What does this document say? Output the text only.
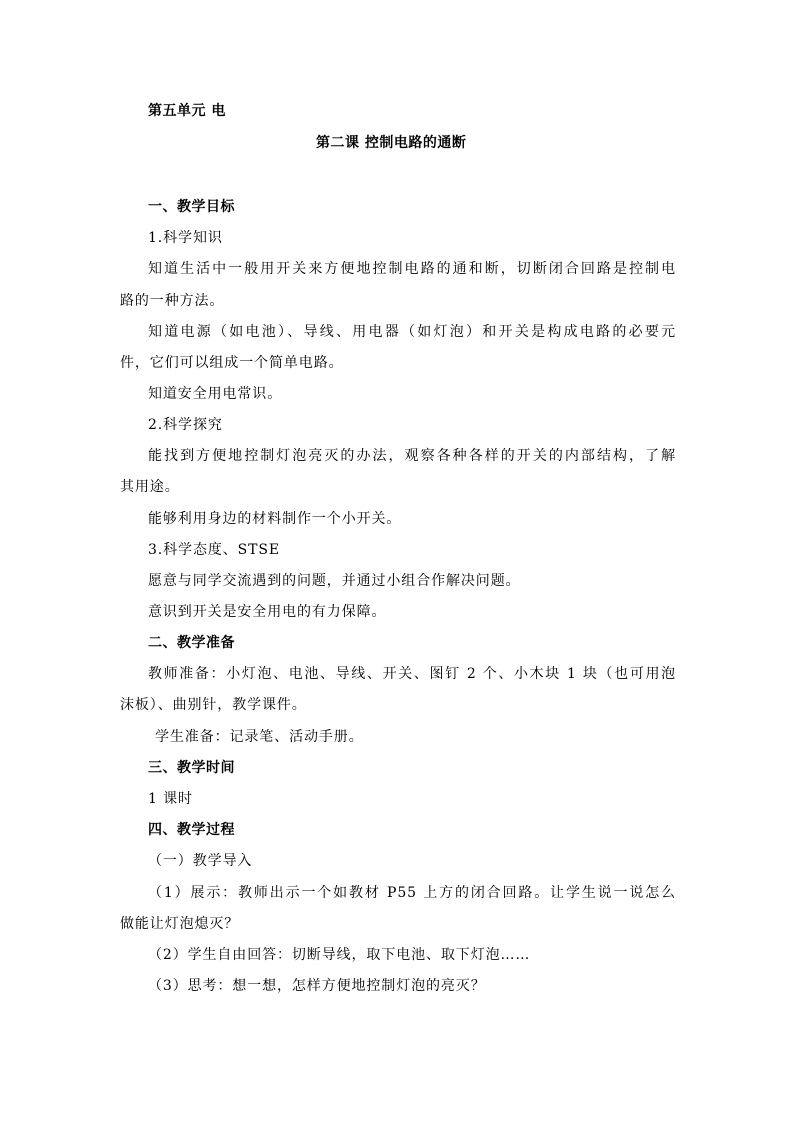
第五单元 电
第二课 控制电路的通断
一、教学目标
1.科学知识
知道生活中一般用开关来方便地控制电路的通和断，切断闭合回路是控制电
路的一种方法。
知道电源（如电池）、导线、用电器（如灯泡）和开关是构成电路的必要元
件，它们可以组成一个简单电路。
知道安全用电常识。
2.科学探究
能找到方便地控制灯泡亮灭的办法，观察各种各样的开关的内部结构，了解
其用途。
能够利用身边的材料制作一个小开关。
3.科学态度、STSE
愿意与同学交流遇到的问题，并通过小组合作解决问题。
意识到开关是安全用电的有力保障。
二、教学准备
教师准备：小灯泡、电池、导线、开关、图钉 2 个、小木块 1 块（也可用泡
沫板）、曲别针，教学课件。
学生准备：记录笔、活动手册。
三、教学时间
1 课时
四、教学过程
（一）教学导入
（1）展示：教师出示一个如教材 P55 上方的闭合回路。让学生说一说怎么
做能让灯泡熄灭？
（2）学生自由回答：切断导线，取下电池、取下灯泡……
（3）思考：想一想，怎样方便地控制灯泡的亮灭？
